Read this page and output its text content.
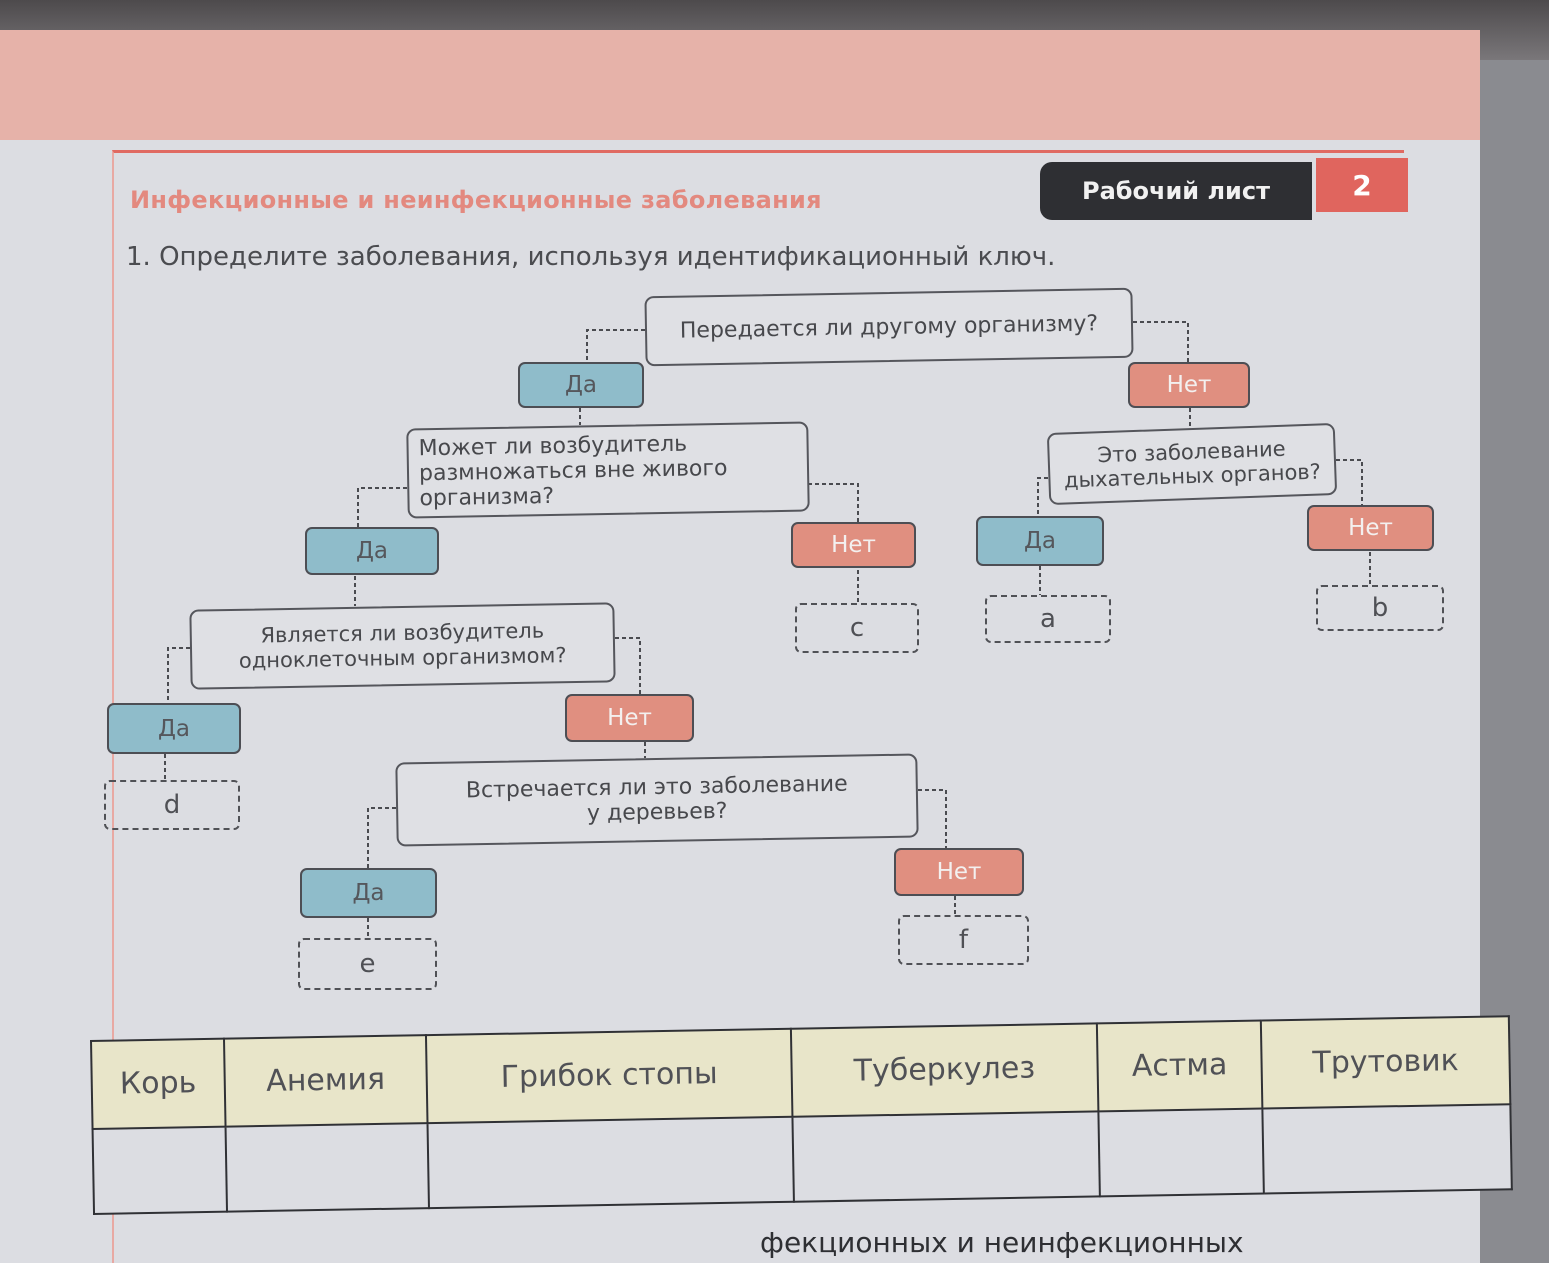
Инфекционные и неинфекционные заболевания	Рабочий лист	2
1. Определите заболевания, используя идентификационный ключ.
Передается ли другому организму?
Может ли возбудитель размножаться вне живого организма?
Это заболевание дыхательных органов?
Является ли возбудитель одноклеточным организмом?
Встречается ли это заболевание у деревьев?
Да	Нет
Да	Нет	Да	Нет
Да	Нет
Да
Нет
c	a	b
d
e
f
Корь	Анемия	Грибок стопы	Туберкулез	Астма	Трутовик

фекционных и неинфекционных
